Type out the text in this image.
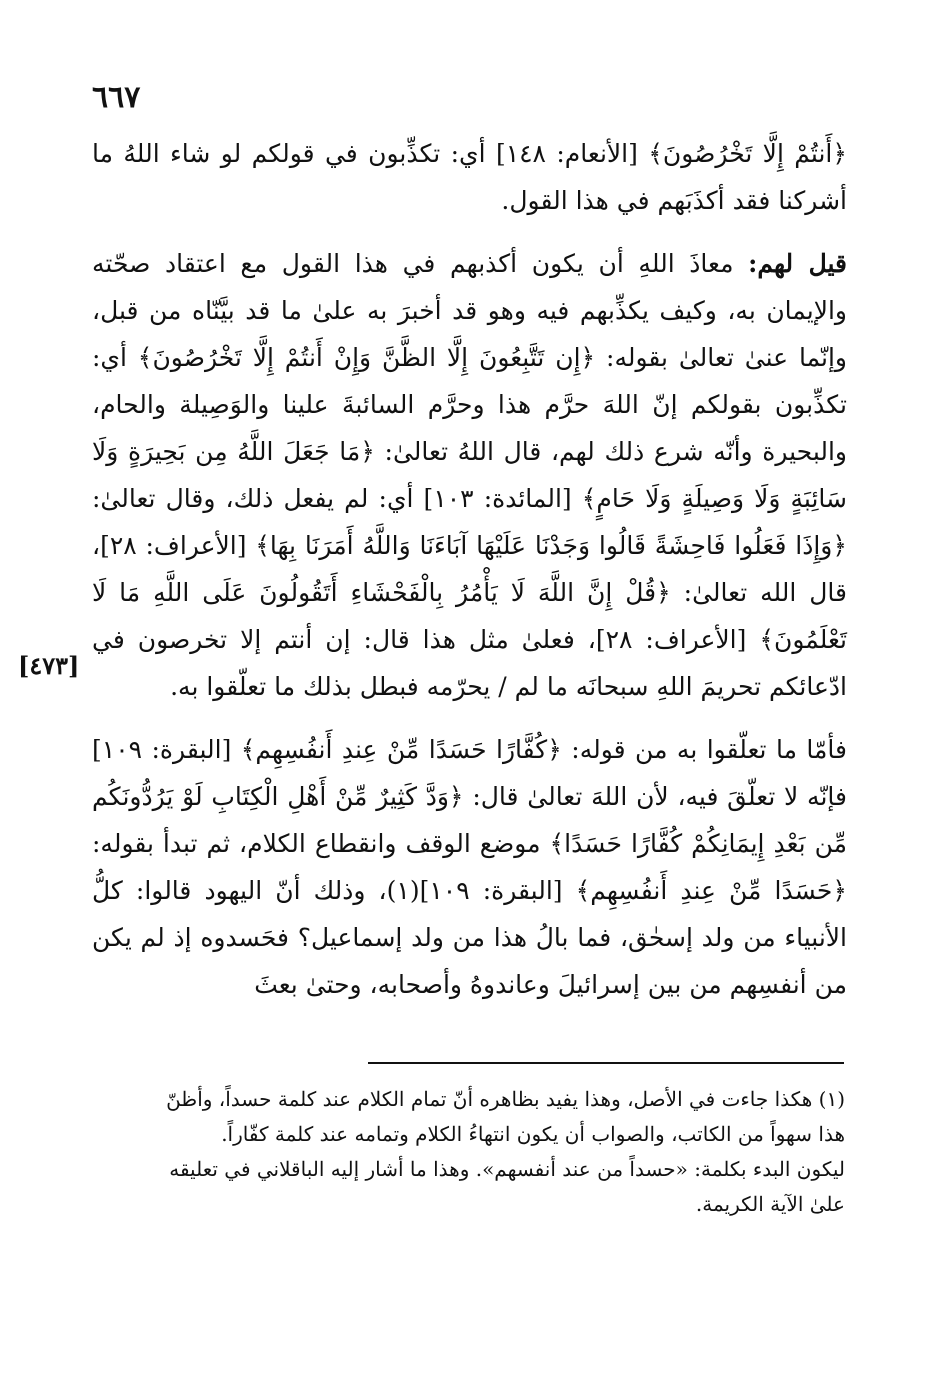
٦٦٧

﴿أَنتُمْ إِلَّا تَخْرُصُونَ﴾ [الأنعام: ١٤٨] أي: تكذِّبون في قولكم لو شاء اللهُ ما أشركنا فقد أكذَبَهم في هذا القول.

قيل لهم: معاذَ اللهِ أن يكون أكذبهم في هذا القول مع اعتقاد صحّته والإيمان به، وكيف يكذِّبهم فيه وهو قد أخبرَ به علىٰ ما قد بيَّنّاه من قبل، وإنّما عنىٰ تعالىٰ بقوله: ﴿إِن تَتَّبِعُونَ إِلَّا الظَّنَّ وَإِنْ أَنتُمْ إِلَّا تَخْرُصُونَ﴾ أي: تكذِّبون بقولكم إنّ اللهَ حرَّم هذا وحرَّم السائبةَ علينا والوَصِيلة والحام، والبحيرة وأنّه شرع ذلك لهم، قال اللهُ تعالىٰ: ﴿مَا جَعَلَ اللَّهُ مِن بَحِيرَةٍ وَلَا سَائِبَةٍ وَلَا وَصِيلَةٍ وَلَا حَامٍ﴾ [المائدة: ١٠٣] أي: لم يفعل ذلك، وقال تعالىٰ: ﴿وَإِذَا فَعَلُوا فَاحِشَةً قَالُوا وَجَدْنَا عَلَيْهَا آبَاءَنَا وَاللَّهُ أَمَرَنَا بِهَا﴾ [الأعراف: ٢٨]، قال الله تعالىٰ: ﴿قُلْ إِنَّ اللَّهَ لَا يَأْمُرُ بِالْفَحْشَاءِ أَتَقُولُونَ عَلَى اللَّهِ مَا لَا تَعْلَمُونَ﴾ [الأعراف: ٢٨]، فعلىٰ مثل هذا قال: إن أنتم إلا تخرصون في ادّعائكم تحريمَ اللهِ سبحانَه ما لم / يحرّمه فبطل بذلك ما تعلّقوا به.

فأمّا ما تعلّقوا به من قوله: ﴿كُفَّارًا حَسَدًا مِّنْ عِندِ أَنفُسِهِم﴾ [البقرة: ١٠٩] فإنّه لا تعلّقَ فيه، لأن اللهَ تعالىٰ قال: ﴿وَدَّ كَثِيرٌ مِّنْ أَهْلِ الْكِتَابِ لَوْ يَرُدُّونَكُم مِّن بَعْدِ إِيمَانِكُمْ كُفَّارًا حَسَدًا﴾ موضع الوقف وانقطاع الكلام، ثم تبدأ بقوله: ﴿حَسَدًا مِّنْ عِندِ أَنفُسِهِم﴾ [البقرة: ١٠٩](١)، وذلك أنّ اليهود قالوا: كلُّ الأنبياء من ولد إسحٰق، فما بالُ هذا من ولد إسماعيل؟ فحَسدوه إذ لم يكن من أنفسِهم من بين إسرائيلَ وعاندوهُ وأصحابه، وحتىٰ بعثَ

[٤٧٣]

(١) هكذا جاءت في الأصل، وهذا يفيد بظاهره أنّ تمام الكلام عند كلمة حسداً، وأظنّ

هذا سهواً من الكاتب، والصواب أن يكون انتهاءُ الكلام وتمامه عند كلمة كفّاراً.

ليكون البدء بكلمة: «حسداً من عند أنفسهم». وهذا ما أشار إليه الباقلاني في تعليقه

علىٰ الآية الكريمة.
